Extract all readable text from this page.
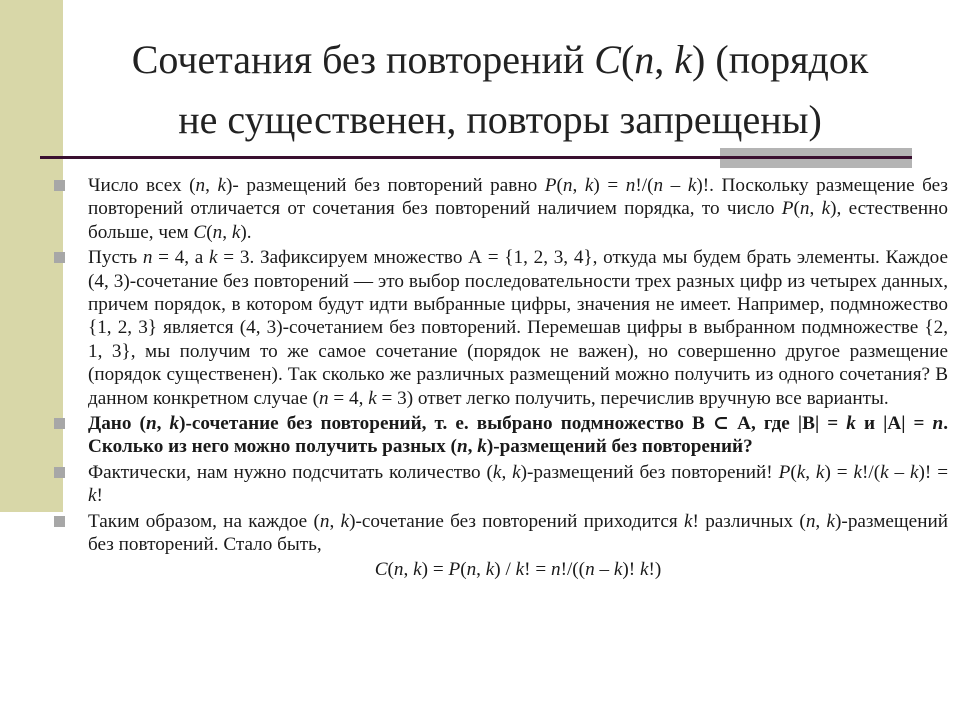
Сочетания без повторений C(n, k) (порядок
не существенен, повторы запрещены)

Число всех (n, k)- размещений без повторений равно P(n, k) = n!/(n – k)!. Поскольку размещение без повторений отличается от сочетания без повторений наличием порядка, то число P(n, k), естественно больше, чем C(n, k).

Пусть n = 4, а k = 3. Зафиксируем множество А = {1, 2, 3, 4}, откуда мы будем брать элементы. Каждое (4, 3)-сочетание без повторений — это выбор последовательности трех разных цифр из четырех данных, причем порядок, в котором будут идти выбранные цифры, значения не имеет. Например, подмножество {1, 2, 3} является (4, 3)-сочетанием без повторений. Перемешав цифры в выбранном подмножестве {2, 1, 3}, мы получим то же самое сочетание (порядок не важен), но совершенно другое размещение (порядок существенен). Так сколько же различных размещений можно получить из одного сочетания? В данном конкретном случае (n = 4, k = 3) ответ легко получить, перечислив вручную все варианты.

Дано (n, k)-сочетание без повторений, т. е. выбрано подмножество В ⊂ А, где |В| = k и |А| = n. Сколько из него можно получить разных (n, k)-размещений без повторений?

Фактически, нам нужно подсчитать количество (k, k)-размещений без повторений! P(k, k) = k!/(k – k)! = k!

Таким образом, на каждое (n, k)-сочетание без повторений приходится k! различных (n, k)-размещений без повторений. Стало быть,

C(n, k) = P(n, k) / k! = n!/((n – k)! k!)
